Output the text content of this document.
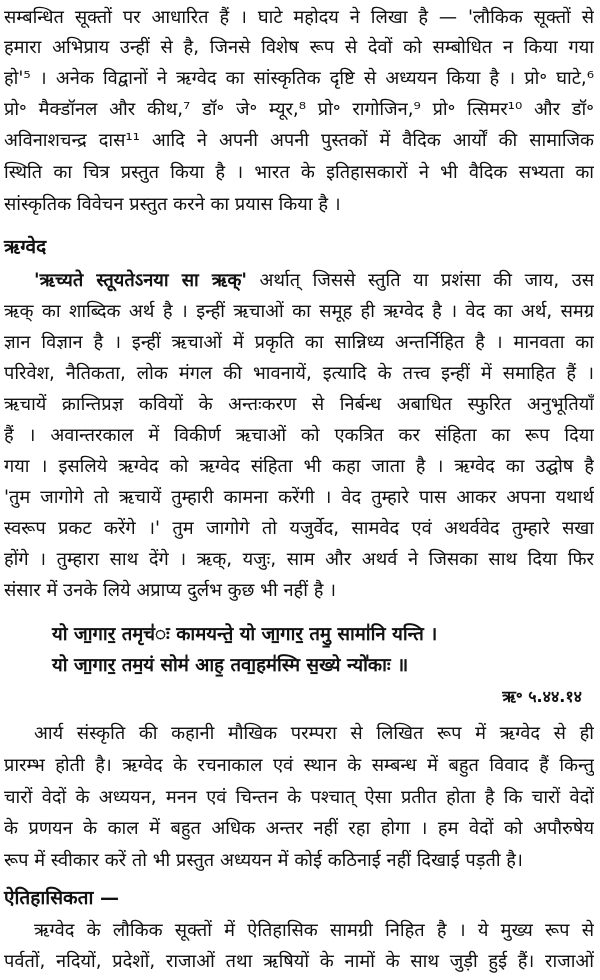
सम्बन्धित सूक्तों पर आधारित हैं । घाटे महोदय ने लिखा है — 'लौकिक सूक्तों से
हमारा अभिप्राय उन्हीं से है, जिनसे विशेष रूप से देवों को सम्बोधित न किया गया
हो'⁵ । अनेक विद्वानों ने ऋग्वेद का सांस्कृतिक दृष्टि से अध्ययन किया है । प्रो॰ घाटे,⁶
प्रो॰ मैक्डॉनल और कीथ,⁷ डॉ॰ जे॰ म्यूर,⁸ प्रो॰ रागोजिन,⁹ प्रो॰ त्सिमर¹⁰ और डॉ॰
अविनाशचन्द्र दास¹¹ आदि ने अपनी अपनी पुस्तकों में वैदिक आर्यों की सामाजिक
स्थिति का चित्र प्रस्तुत किया है । भारत के इतिहासकारों ने भी वैदिक सभ्यता का
सांस्कृतिक विवेचन प्रस्तुत करने का प्रयास किया है ।
ऋग्वेद
'ऋच्यते स्तूयतेऽनया सा ऋक्' अर्थात् जिससे स्तुति या प्रशंसा की जाय, उस
ऋक् का शाब्दिक अर्थ है । इन्हीं ऋचाओं का समूह ही ऋग्वेद है । वेद का अर्थ, समग्र
ज्ञान विज्ञान है । इन्हीं ऋचाओं में प्रकृति का सान्निध्य अन्तर्निहित है । मानवता का
परिवेश, नैतिकता, लोक मंगल की भावनायें, इत्यादि के तत्त्व इन्हीं में समाहित हैं ।
ऋचायें क्रान्तिप्रज्ञ कवियों के अन्तःकरण से निर्बन्ध अबाधित स्फुरित अनुभूतियाँ
हैं । अवान्तरकाल में विकीर्ण ऋचाओं को एकत्रित कर संहिता का रूप दिया
गया । इसलिये ऋग्वेद को ऋग्वेद संहिता भी कहा जाता है । ऋग्वेद का उद्घोष है
'तुम जागोगे तो ऋचायें तुम्हारी कामना करेंगी । वेद तुम्हारे पास आकर अपना यथार्थ
स्वरूप प्रकट करेंगे ।' तुम जागोगे तो यजुर्वेद, सामवेद एवं अथर्ववेद तुम्हारे सखा
होंगे । तुम्हारा साथ देंगे । ऋक्, यजुः, साम और अथर्व ने जिसका साथ दिया फिर
संसार में उनके लिये अप्राप्य दुर्लभ कुछ भी नहीं है ।
यो जा॒गार॒ तमृच॑ः कामयन्ते॒ यो जा॒गार॒ तमु॒ सामा॑नि यन्ति ।
यो जा॒गार॒ तम॒यं सोम॑ आह॒ तवा॒हम॑स्मि स॒ख्ये न्यो॑काः ॥
ऋ॰ ५.४४.१४
आर्य संस्कृति की कहानी मौखिक परम्परा से लिखित रूप में ऋग्वेद से ही
प्रारम्भ होती है। ऋग्वेद के रचनाकाल एवं स्थान के सम्बन्ध में बहुत विवाद हैं किन्तु
चारों वेदों के अध्ययन, मनन एवं चिन्तन के पश्चात् ऐसा प्रतीत होता है कि चारों वेदों
के प्रणयन के काल में बहुत अधिक अन्तर नहीं रहा होगा । हम वेदों को अपौरुषेय
रूप में स्वीकार करें तो भी प्रस्तुत अध्ययन में कोई कठिनाई नहीं दिखाई पड़ती है।
ऐतिहासिकता —
ऋग्वेद के लौकिक सूक्तों में ऐतिहासिक सामग्री निहित है । ये मुख्य रूप से
पर्वतों, नदियों, प्रदेशों, राजाओं तथा ऋषियों के नामों के साथ जुड़ी हुई हैं। राजाओं
